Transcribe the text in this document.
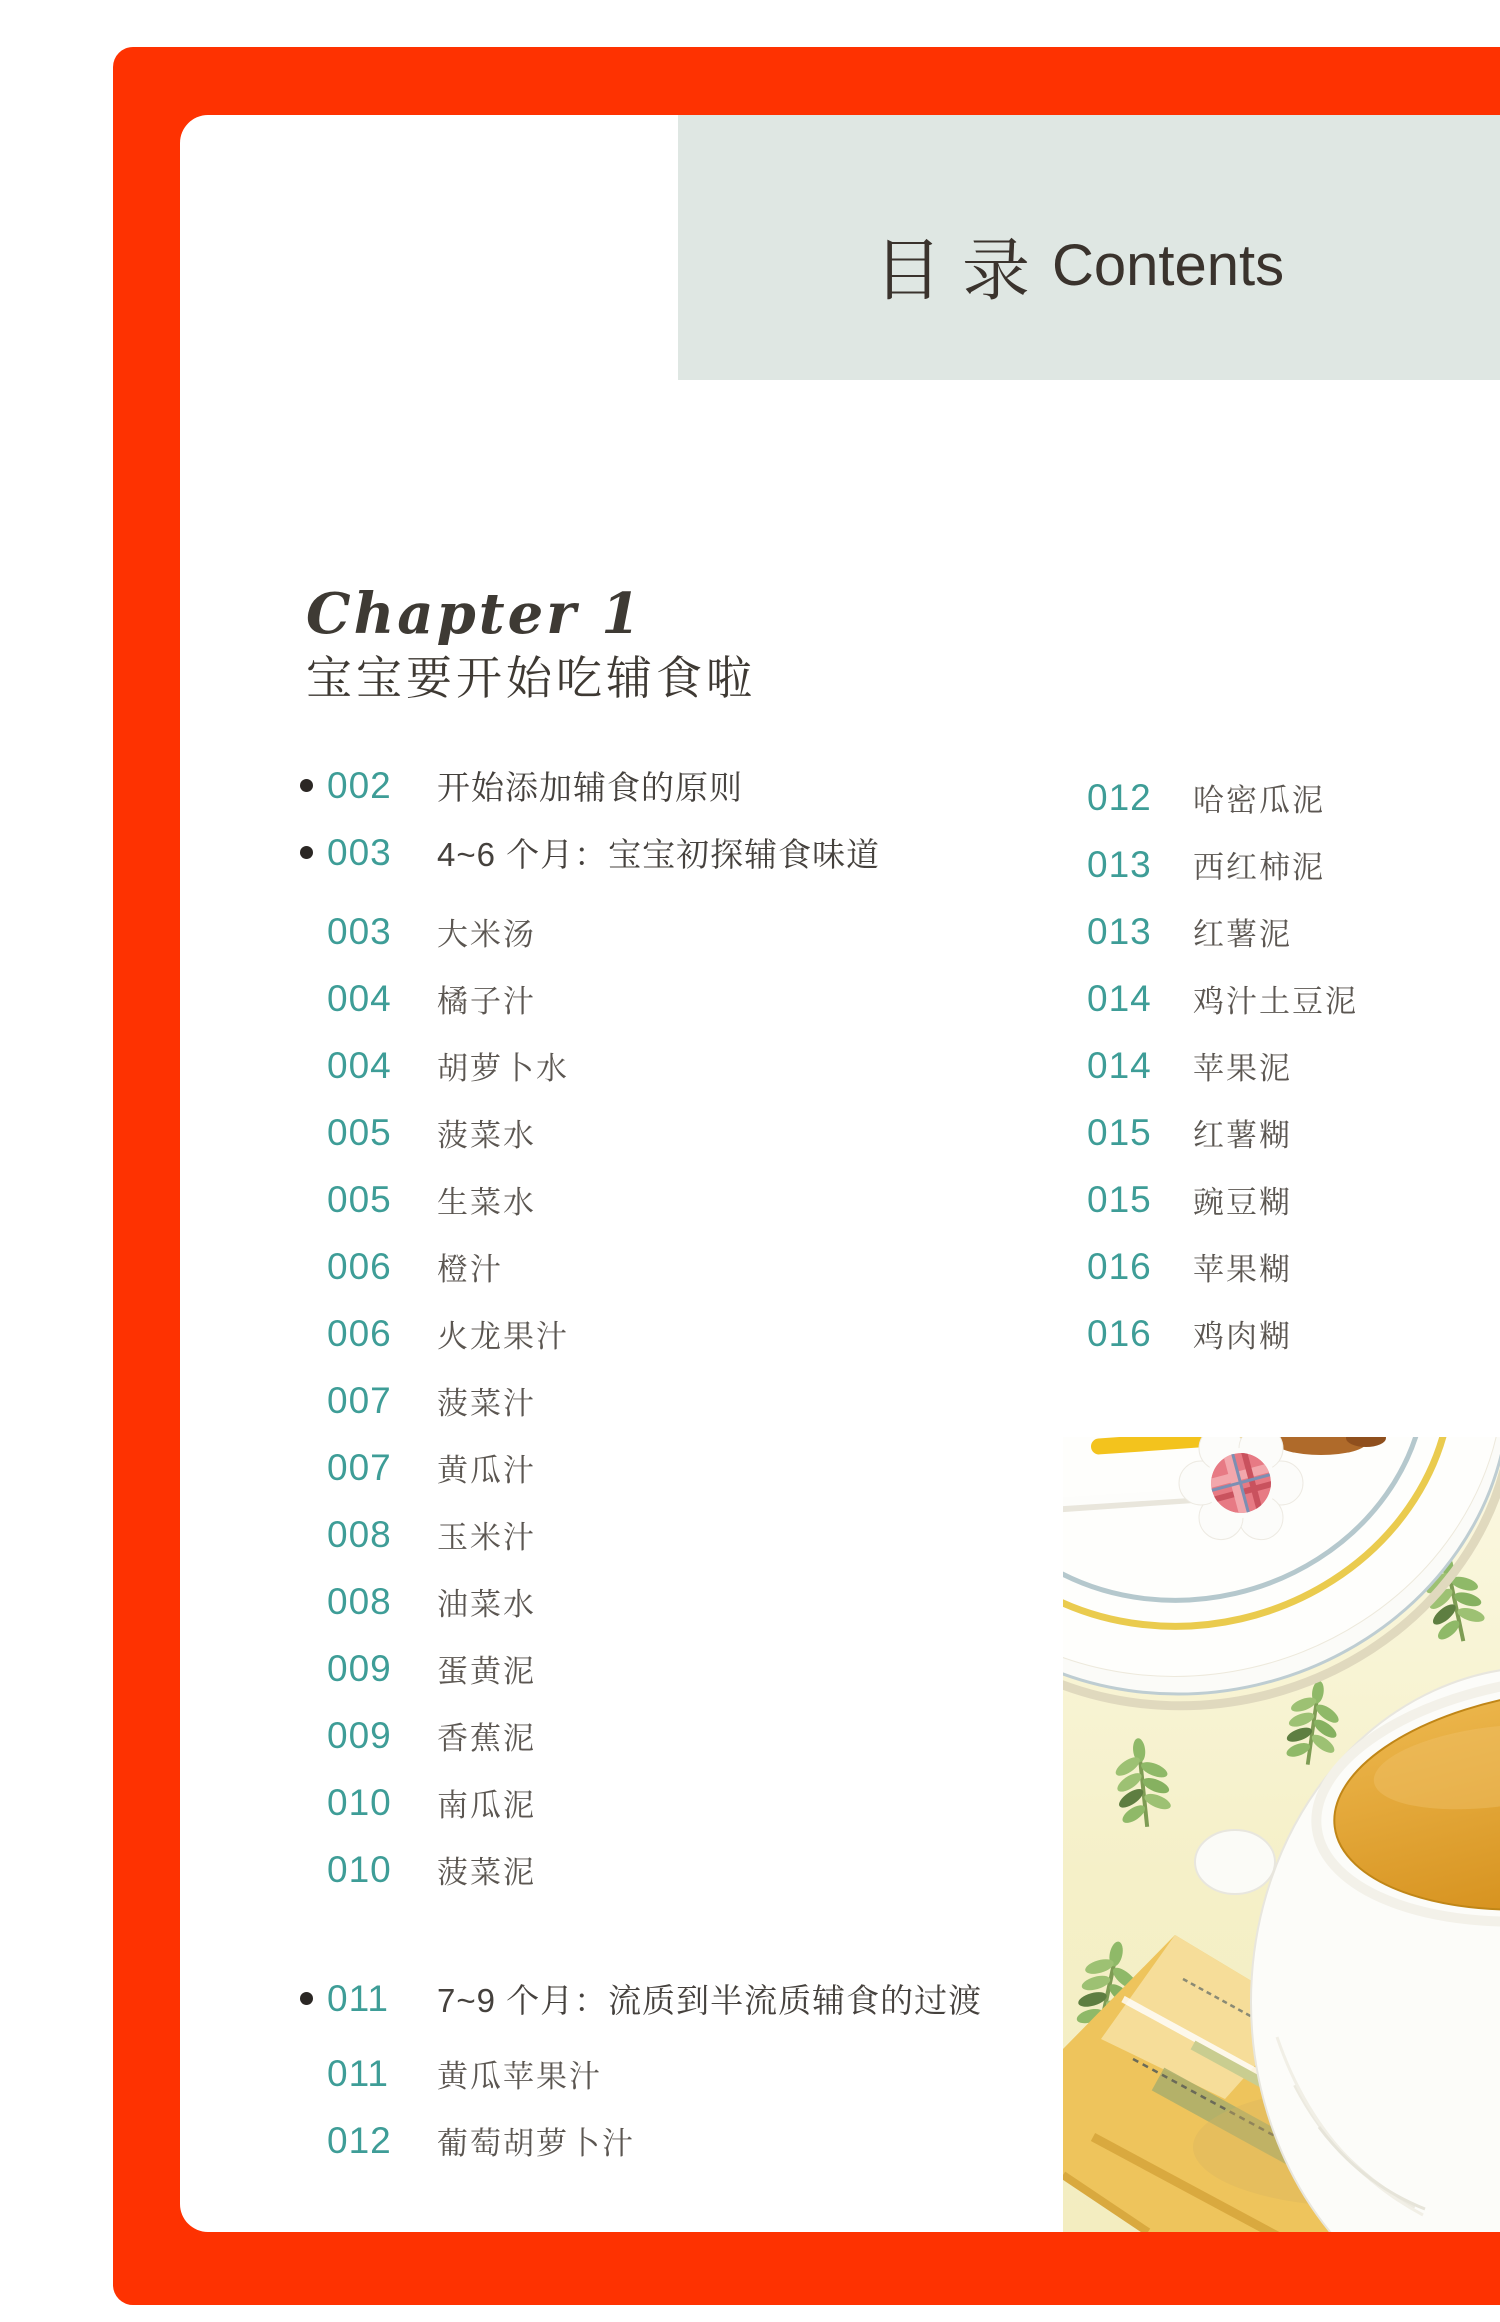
目录 Contents
Chapter 1
宝宝要开始吃辅食啦
002	开始添加辅食的原则
003	4~6 个月：宝宝初探辅食味道
003	大米汤
004	橘子汁
004	胡萝卜水
005	菠菜水
005	生菜水
006	橙汁
006	火龙果汁
007	菠菜汁
007	黄瓜汁
008	玉米汁
008	油菜水
009	蛋黄泥
009	香蕉泥
010	南瓜泥
010	菠菜泥
011	7~9 个月：流质到半流质辅食的过渡
011	黄瓜苹果汁
012	葡萄胡萝卜汁
012	哈密瓜泥
013	西红柿泥
013	红薯泥
014	鸡汁土豆泥
014	苹果泥
015	红薯糊
015	豌豆糊
016	苹果糊
016	鸡肉糊
